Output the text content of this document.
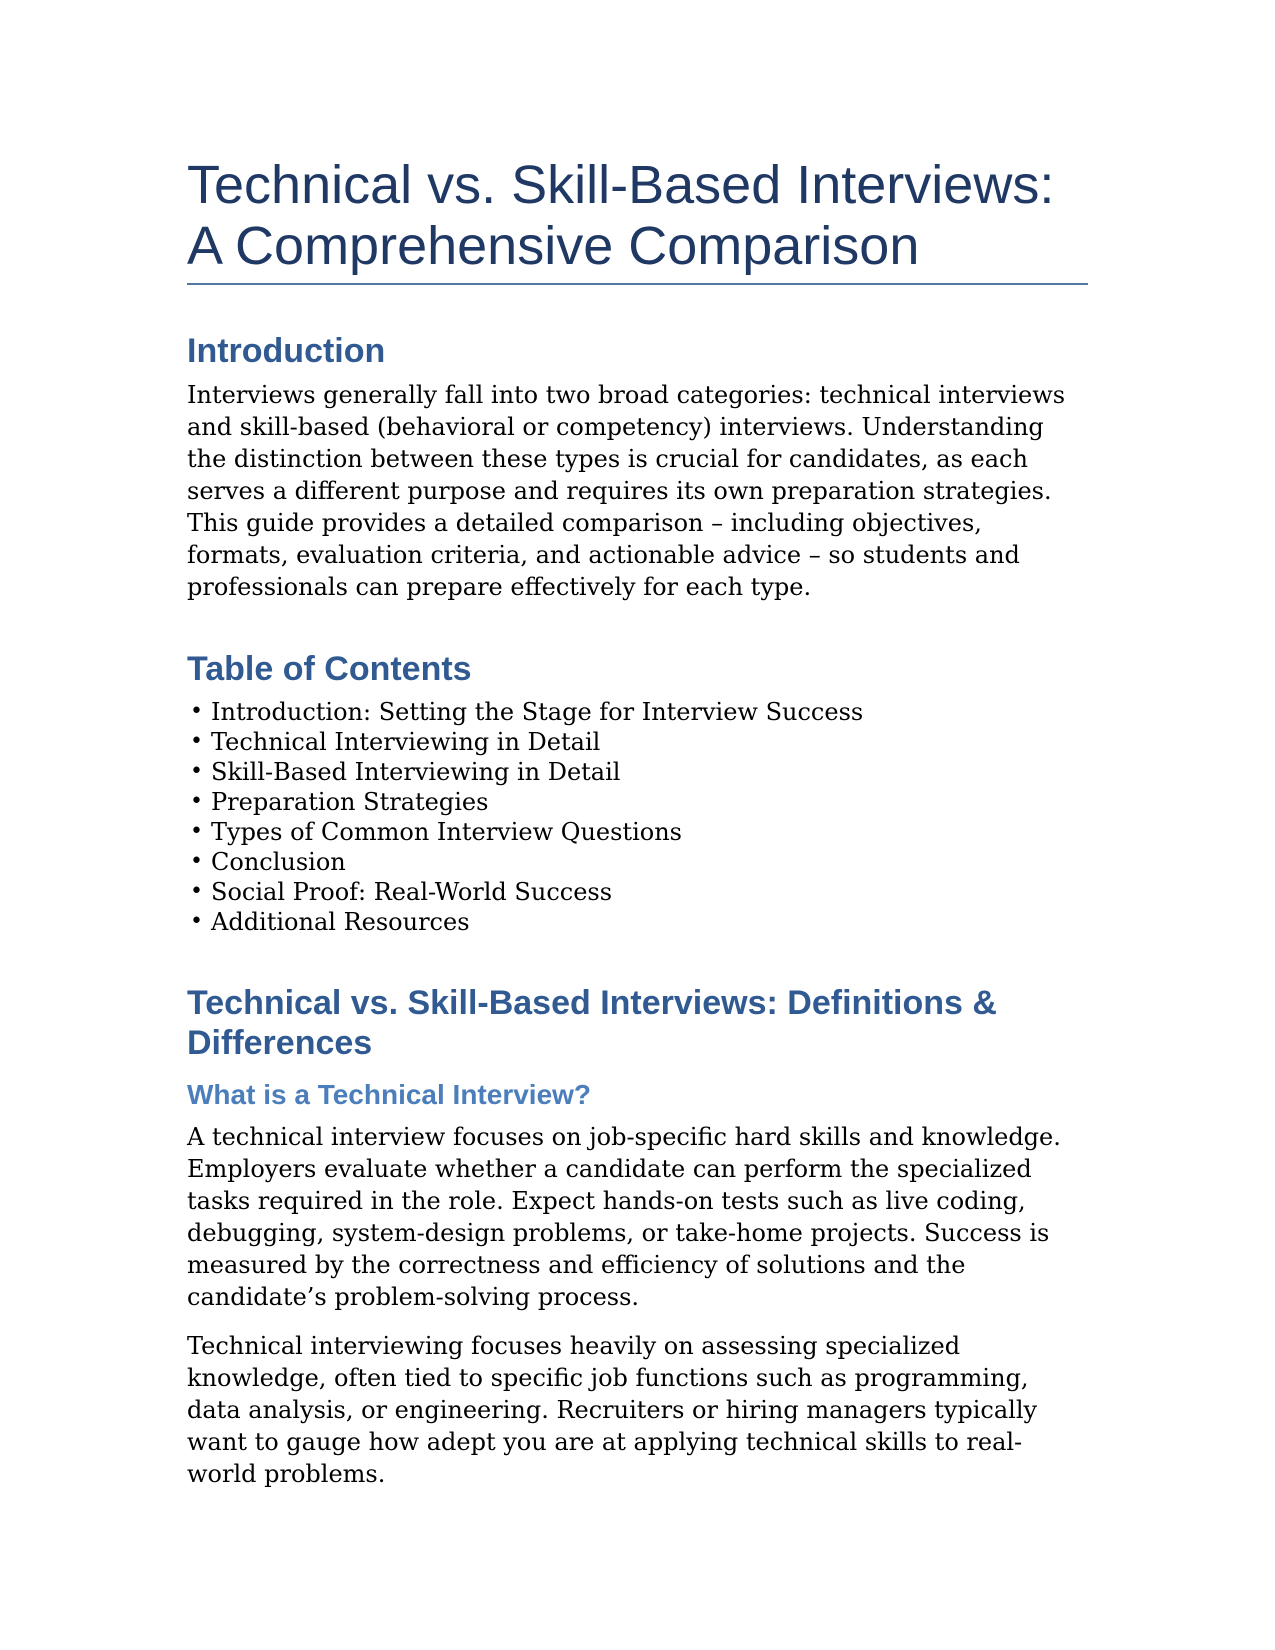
Technical vs. Skill-Based Interviews: A Comprehensive Comparison
Introduction

Interviews generally fall into two broad categories: technical interviews and skill-based (behavioral or competency) interviews. Understanding the distinction between these types is crucial for candidates, as each serves a different purpose and requires its own preparation strategies. This guide provides a detailed comparison – including objectives, formats, evaluation criteria, and actionable advice – so students and professionals can prepare effectively for each type.

Table of Contents
• Introduction: Setting the Stage for Interview Success
• Technical Interviewing in Detail
• Skill-Based Interviewing in Detail
• Preparation Strategies
• Types of Common Interview Questions
• Conclusion
• Social Proof: Real-World Success
• Additional Resources
Technical vs. Skill-Based Interviews: Definitions & Differences
What is a Technical Interview?

A technical interview focuses on job-specific hard skills and knowledge. Employers evaluate whether a candidate can perform the specialized tasks required in the role. Expect hands-on tests such as live coding, debugging, system-design problems, or take-home projects. Success is measured by the correctness and efficiency of solutions and the candidate’s problem-solving process.

Technical interviewing focuses heavily on assessing specialized knowledge, often tied to specific job functions such as programming, data analysis, or engineering. Recruiters or hiring managers typically want to gauge how adept you are at applying technical skills to real-world problems.
